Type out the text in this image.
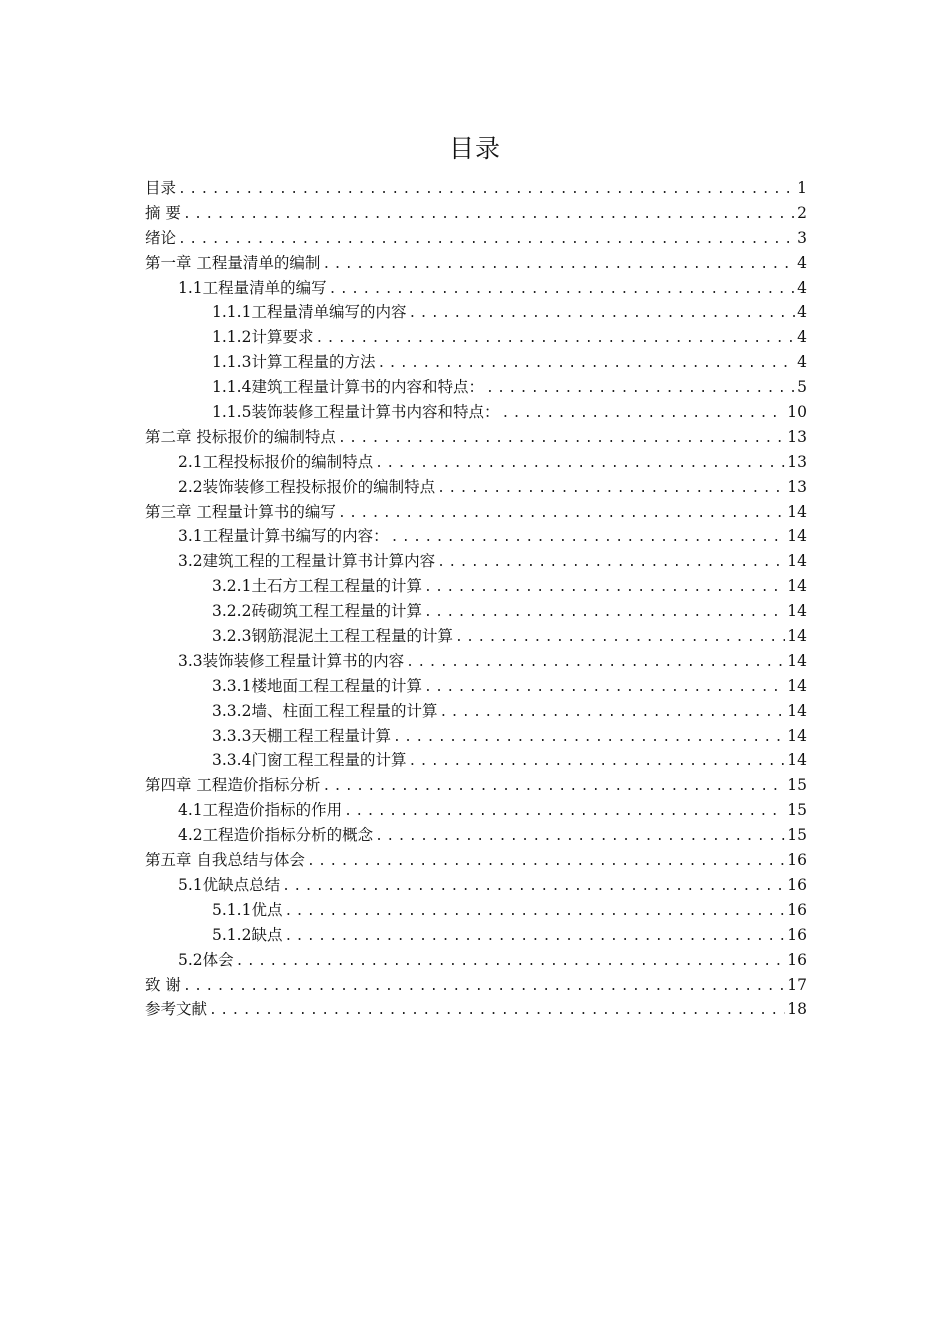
目录
目录 .....	1
摘 要 .....	2
绪论 .....	3
第一章 工程量清单的编制 .....	4
1.1工程量清单的编写 .....	4
1.1.1工程量清单编写的内容 .....	4
1.1.2计算要求 .....	4
1.1.3计算工程量的方法 .....	4
1.1.4建筑工程量计算书的内容和特点： .....	5
1.1.5装饰装修工程量计算书内容和特点： .....	10
第二章 投标报价的编制特点 .....	13
2.1工程投标报价的编制特点 .....	13
2.2装饰装修工程投标报价的编制特点 .....	13
第三章 工程量计算书的编写 .....	14
3.1工程量计算书编写的内容： .....	14
3.2建筑工程的工程量计算书计算内容 .....	14
3.2.1土石方工程工程量的计算 .....	14
3.2.2砖砌筑工程工程量的计算 .....	14
3.2.3钢筋混泥土工程工程量的计算 .....	14
3.3装饰装修工程量计算书的内容 .....	14
3.3.1楼地面工程工程量的计算 .....	14
3.3.2墙、柱面工程工程量的计算 .....	14
3.3.3天棚工程工程量计算 .....	14
3.3.4门窗工程工程量的计算 .....	14
第四章 工程造价指标分析 .....	15
4.1工程造价指标的作用 .....	15
4.2工程造价指标分析的概念 .....	15
第五章 自我总结与体会 .....	16
5.1优缺点总结 .....	16
5.1.1优点 .....	16
5.1.2缺点 .....	16
5.2体会 .....	16
致 谢 .....	17
参考文献 .....	18
